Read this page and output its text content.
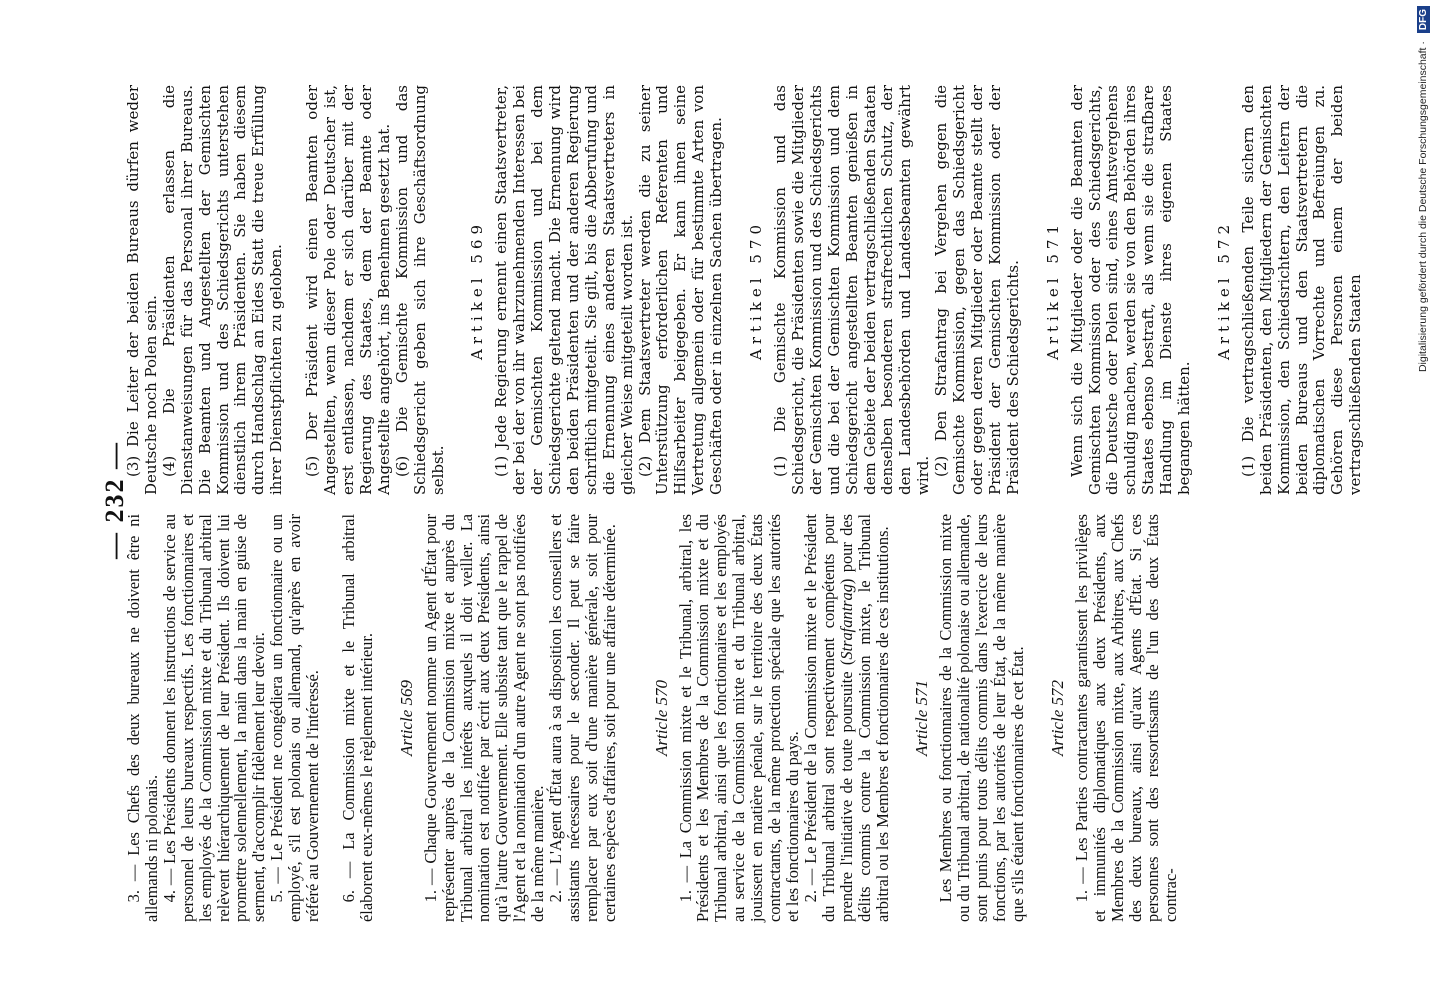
— 232 —

3. — Les Chefs des deux bureaux ne doivent être ni allemands ni polonais.

4. — Les Présidents donnent les instructions de service au personnel de leurs bureaux respectifs. Les fonctionnaires et les employés de la Commission mixte et du Tribunal arbitral relèvent hiérarchiquement de leur Président. Ils doivent lui promettre solennellement, la main dans la main en guise de serment, d'accomplir fidèlement leur devoir.

5. — Le Président ne congédiera un fonctionnaire ou un employé, s'il est polonais ou allemand, qu'après en avoir référé au Gouvernement de l'intéressé. 6. — La Commission mixte et le Tribunal arbitral élaborent eux-mêmes le règlement intérieur. Article 569 1. — Chaque Gouvernement nomme un Agent d'État pour représenter auprès de la Commission mixte et auprès du Tribunal arbitral les intérêts auxquels il doit veiller. La nomination est notifiée par écrit aux deux Présidents, ainsi qu'à l'autre Gouvernement. Elle subsiste tant que le rappel de l'Agent et la nomination d'un autre Agent ne sont pas notifiées de la même manière.

2. — L'Agent d'État aura à sa disposition les conseillers et assistants nécessaires pour le seconder. Il peut se faire remplacer par eux soit d'une manière générale, soit pour certaines espèces d'affaires, soit pour une affaire déterminée. Article 570 1. — La Commission mixte et le Tribunal, arbitral, les Présidents et les Membres de la Commission mixte et du Tribunal arbitral, ainsi que les fonctionnaires et les employés au service de la Commission mixte et du Tribunal arbitral, jouissent en matière pénale, sur le territoire des deux États contractants, de la même protection spéciale que les autorités et les fonctionnaires du pays.

2. — Le Président de la Commission mixte et le Président du Tribunal arbitral sont respectivement compétents pour prendre l'initiative de toute poursuite (Strafantrag) pour des délits commis contre la Commission mixte, le Tribunal arbitral ou les Membres et fonctionnaires de ces institutions. Article 571 Les Membres ou fonctionnaires de la Commission mixte ou du Tribunal arbitral, de nationalité polonaise ou allemande, sont punis pour touts délits commis dans l'exercice de leurs fonctions, par les autorités de leur État, de la même manière que s'ils étaient fonctionnaires de cet État. Article 572 1. — Les Parties contractantes garantissent les privilèges et immunités diplomatiques aux deux Présidents, aux Membres de la Commission mixte, aux Arbitres, aux Chefs des deux bureaux, ainsi qu'aux Agents d'État. Si ces personnes sont des ressortissants de l'un des deux États contrac-

(3) Die Leiter der beiden Bureaus dürfen weder Deutsche noch Polen sein. (4) Die Präsidenten erlassen die Dienstanweisungen für das Personal ihrer Bureaus. Die Beamten und Angestellten der Gemischten Kommission und des Schiedsgerichts unterstehen dienstlich ihrem Präsidenten. Sie haben diesem durch Handschlag an Eides Statt die treue Erfüllung ihrer Dienstpflichten zu geloben. (5) Der Präsident wird einen Beamten oder Angestellten, wenn dieser Pole oder Deutscher ist, erst entlassen, nachdem er sich darüber mit der Regierung des Staates, dem der Beamte oder Angestellte angehört, ins Benehmen gesetzt hat. (6) Die Gemischte Kommission und das Schiedsgericht geben sich ihre Geschäftsordnung selbst.

Artikel 569 (1) Jede Regierung ernennt einen Staatsvertreter, der bei der von ihr wahrzunehmenden Interessen bei der Gemischten Kommission und bei dem Schiedsgerichte geltend macht. Die Ernennung wird den beiden Präsidenten und der anderen Regierung schriftlich mitgeteilt. Sie gilt, bis die Abberufung und die Ernennung eines anderen Staatsvertreters in gleicher Weise mitgeteilt worden ist. (2) Dem Staatsvertreter werden die zu seiner Unterstützung erforderlichen Referenten und Hilfsarbeiter beigegeben. Er kann ihnen seine Vertretung allgemein oder für bestimmte Arten von Geschäften oder in einzelnen Sachen übertragen. Artikel 570 (1) Die Gemischte Kommission und das Schiedsgericht, die Präsidenten sowie die Mitglieder der Gemischten Kommission und des Schiedsgerichts und die bei der Gemischten Kommission und dem Schiedsgericht angestellten Beamten genießen in dem Gebiete der beiden vertragschließenden Staaten denselben besonderen strafrechtlichen Schutz, der den Landesbehörden und Landesbeamten gewährt wird. (2) Den Strafantrag bei Vergehen gegen die Gemischte Kommission, gegen das Schiedsgericht oder gegen deren Mitglieder oder Beamte stellt der Präsident der Gemischten Kommission oder der Präsident des Schiedsgerichts. Artikel 571 Wenn sich die Mitglieder oder die Beamten der Gemischten Kommission oder des Schiedsgerichts, die Deutsche oder Polen sind, eines Amtsvergehens schuldig machen, werden sie von den Behörden ihres Staates ebenso bestraft, als wenn sie die strafbare Handlung im Dienste ihres eigenen Staates begangen hätten.

Artikel 572 (1) Die vertragschließenden Teile sichern den beiden Präsidenten, den Mitgliedern der Gemischten Kommission, den Schiedsrichtern, den Leitern der beiden Bureaus und den Staatsvertretern die diplomatischen Vorrechte und Befreiungen zu. Gehören diese Personen einem der beiden vertragschließenden Staaten

Digitalisierung gefördert durch die Deutsche Forschungsgemeinschaft ·
DFG
